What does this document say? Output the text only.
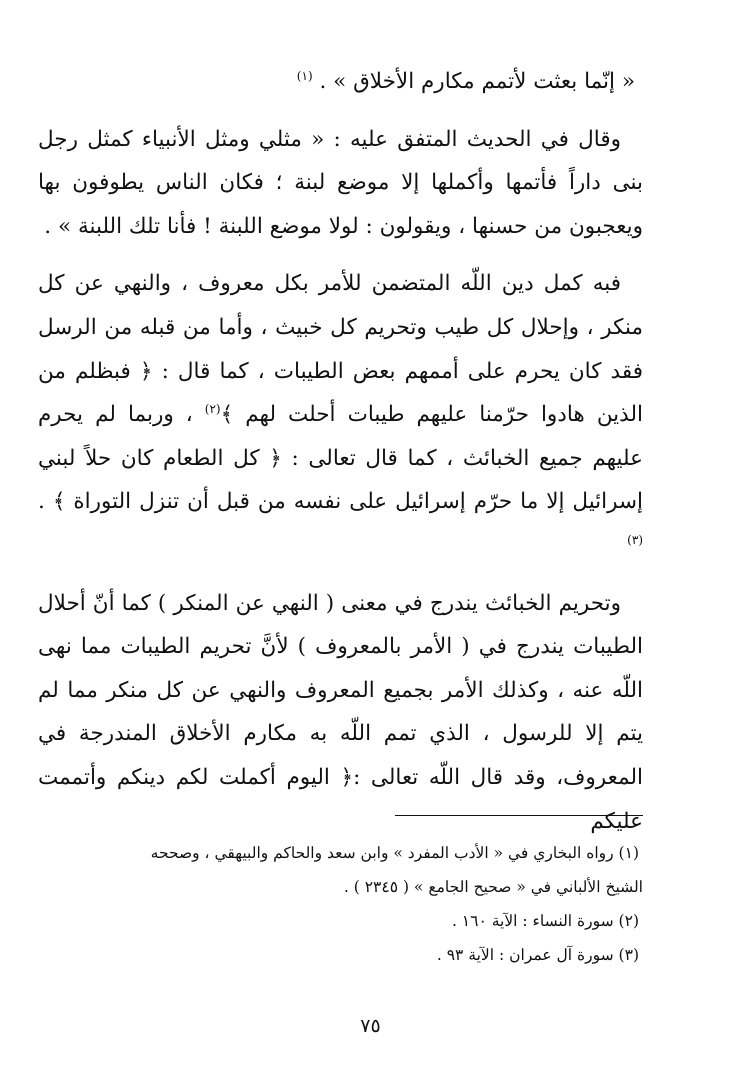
« إنّما بعثت لأتمم مكارم الأخلاق » . $^{(١)}$

وقال في الحديث المتفق عليه : « مثلي ومثل الأنبياء كمثل رجل بنى داراً فأتمها وأكملها إلا موضع لبنة ؛ فكان الناس يطوفون بها ويعجبون من حسنها ، ويقولون : لولا موضع اللبنة ! فأنا تلك اللبنة » .

فبه كمل دين اللّه المتضمن للأمر بكل معروف ، والنهي عن كل منكر ، وإحلال كل طيب وتحريم كل خبيث ، وأما من قبله من الرسل فقد كان يحرم على أممهم بعض الطيبات ، كما قال : ﴿ فبظلم من الذين هادوا حرّمنا عليهم طيبات أحلت لهم ﴾$^{(٢)}$ ، وربما لم يحرم عليهم جميع الخبائث ، كما قال تعالى : ﴿ كل الطعام كان حلاً لبني إسرائيل إلا ما حرّم إسرائيل على نفسه من قبل أن تنزل التوراة ﴾ . $^{(٣)}$

وتحريم الخبائث يندرج في معنى ( النهي عن المنكر ) كما أنّ أحلال الطيبات يندرج في ( الأمر بالمعروف ) لأنَّ تحريم الطيبات مما نهى اللّه عنه ، وكذلك الأمر بجميع المعروف والنهي عن كل منكر مما لم يتم إلا للرسول ، الذي تمم اللّه به مكارم الأخلاق المندرجة في المعروف، وقد قال اللّه تعالى :﴿ اليوم أكملت لكم دينكم وأتممت عليكم

(١) رواه البخاري في « الأدب المفرد » وابن سعد والحاكم والبيهقي ، وصححه

الشيخ الألباني في « صحيح الجامع » ( ٢٣٤٥ ) .

(٢) سورة النساء : الآية ١٦٠ .

(٣) سورة آل عمران : الآية ٩٣ .

٧٥
